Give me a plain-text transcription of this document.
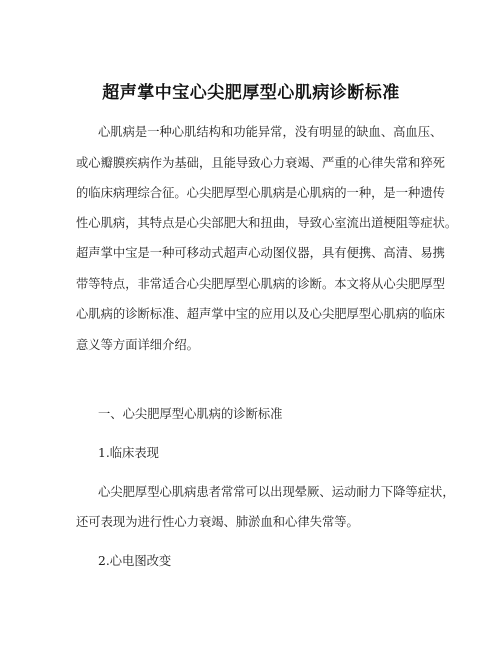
超声掌中宝心尖肥厚型心肌病诊断标准

心肌病是一种心肌结构和功能异常，没有明显的缺血、高血压、

或心瓣膜疾病作为基础，且能导致心力衰竭、严重的心律失常和猝死

的临床病理综合征。心尖肥厚型心肌病是心肌病的一种，是一种遗传

性心肌病，其特点是心尖部肥大和扭曲，导致心室流出道梗阻等症状。

超声掌中宝是一种可移动式超声心动图仪器，具有便携、高清、易携

带等特点，非常适合心尖肥厚型心肌病的诊断。本文将从心尖肥厚型

心肌病的诊断标准、超声掌中宝的应用以及心尖肥厚型心肌病的临床

意义等方面详细介绍。

一、心尖肥厚型心肌病的诊断标准

1.临床表现

心尖肥厚型心肌病患者常常可以出现晕厥、运动耐力下降等症状，

还可表现为进行性心力衰竭、肺淤血和心律失常等。

2.心电图改变
